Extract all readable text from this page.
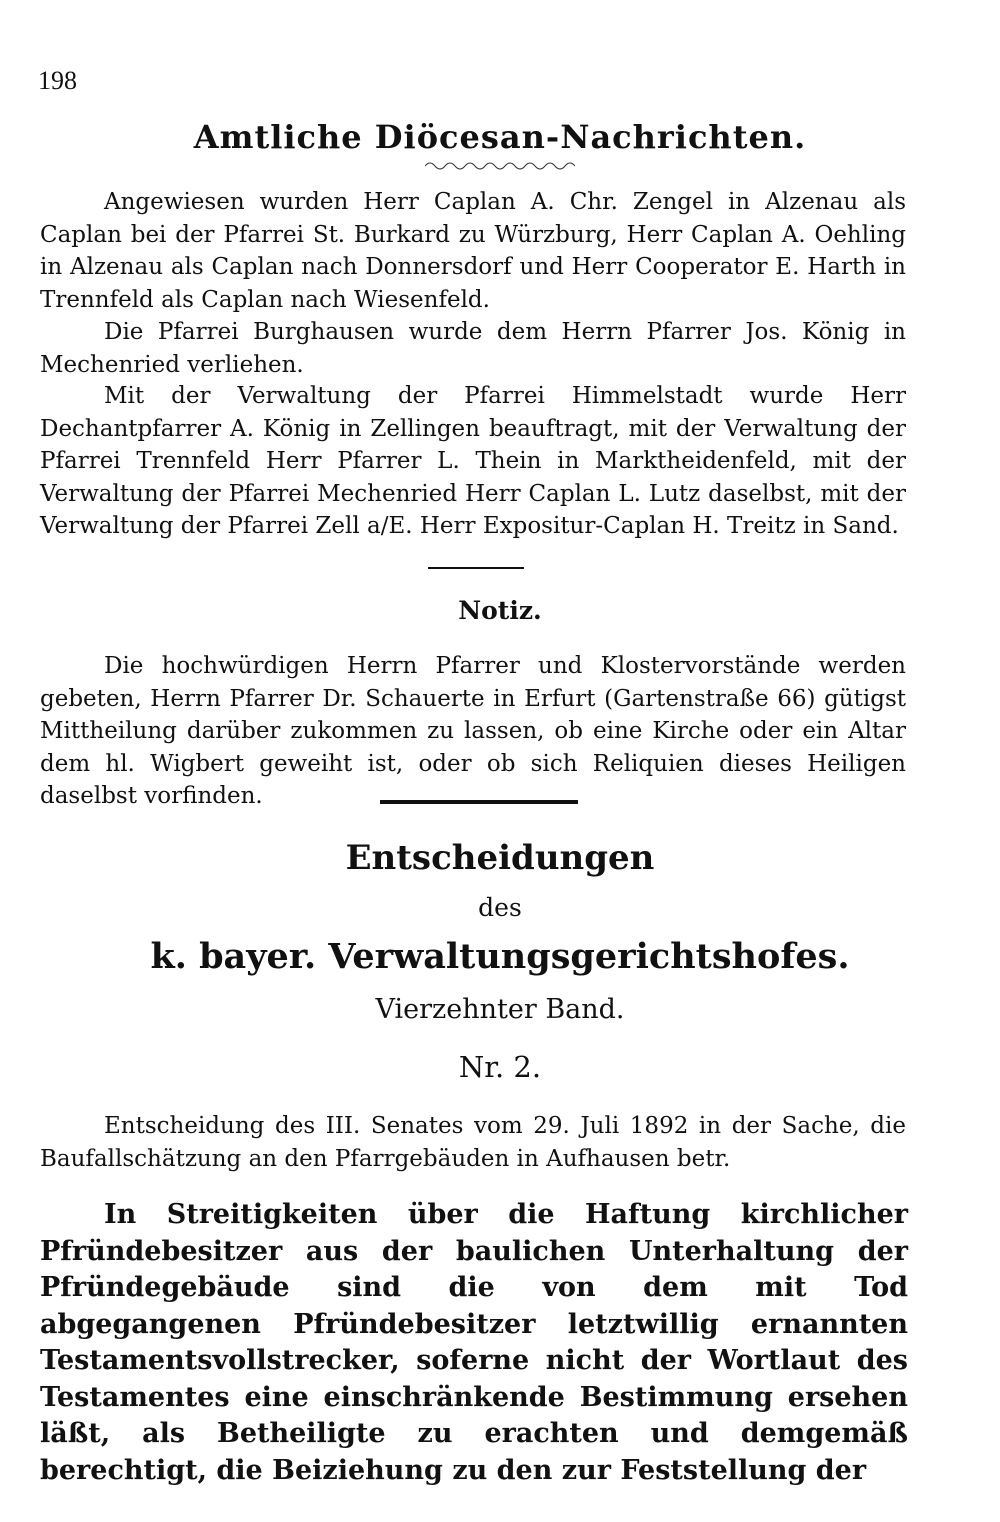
198
Amtliche Diöcesan-Nachrichten.

Angewiesen wurden Herr Caplan A. Chr. Zengel in Alzenau als Caplan bei der Pfarrei St. Burkard zu Würzburg, Herr Caplan A. Oehling in Alzenau als Caplan nach Donnersdorf und Herr Cooperator E. Harth in Trennfeld als Caplan nach Wiesenfeld.

Die Pfarrei Burghausen wurde dem Herrn Pfarrer Jos. König in Mechenried verliehen.

Mit der Verwaltung der Pfarrei Himmelstadt wurde Herr Dechantpfarrer A. König in Zellingen beauftragt, mit der Verwaltung der Pfarrei Trennfeld Herr Pfarrer L. Thein in Marktheidenfeld, mit der Verwaltung der Pfarrei Mechenried Herr Caplan L. Lutz daselbst, mit der Verwaltung der Pfarrei Zell a/E. Herr Expositur-Caplan H. Treitz in Sand.

Notiz.

Die hochwürdigen Herrn Pfarrer und Klostervorstände werden gebeten, Herrn Pfarrer Dr. Schauerte in Erfurt (Gartenstraße 66) gütigst Mittheilung darüber zukommen zu lassen, ob eine Kirche oder ein Altar dem hl. Wigbert geweiht ist, oder ob sich Reliquien dieses Heiligen daselbst vorfinden.

Entscheidungen
des
k. bayer. Verwaltungsgerichtshofes.
Vierzehnter Band.
Nr. 2.

Entscheidung des III. Senates vom 29. Juli 1892 in der Sache, die Baufallschätzung an den Pfarrgebäuden in Aufhausen betr.

In Streitigkeiten über die Haftung kirchlicher Pfründebesitzer aus der baulichen Unterhaltung der Pfründegebäude sind die von dem mit Tod abgegangenen Pfründebesitzer letztwillig ernannten Testamentsvollstrecker, soferne nicht der Wortlaut des Testamentes eine einschränkende Bestimmung ersehen läßt, als Betheiligte zu erachten und demgemäß berechtigt, die Beiziehung zu den zur Feststellung der
